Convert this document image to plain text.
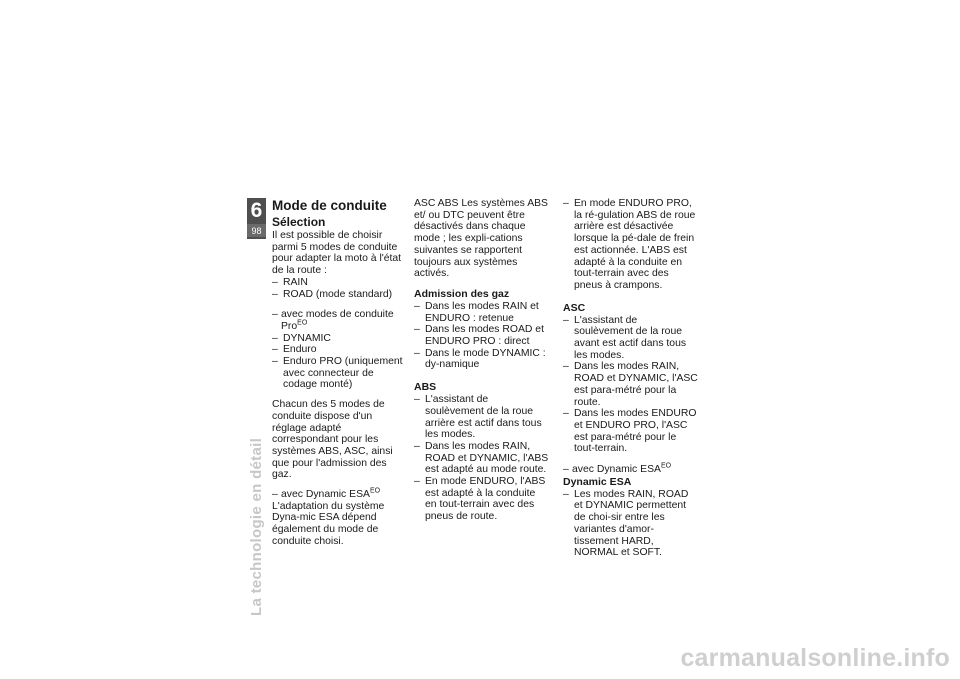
6
98
La technologie en détail
Mode de conduite
Sélection

Il est possible de choisir parmi 5 modes de conduite pour adapter la moto à l'état de la route :

– RAIN
– ROAD (mode standard)
– avec modes de conduite Pro$^{EO}$
– DYNAMIC
– Enduro
– Enduro PRO (uniquement avec connecteur de codage monté)

Chacun des 5 modes de conduite dispose d'un réglage adapté correspondant pour les systèmes ABS, ASC, ainsi que pour l'admission des gaz.

– avec Dynamic $ESA^{EO}$

L'adaptation du système Dyna-mic ESA dépend également du mode de conduite choisi.

ASC ABS Les systèmes ABS et/ ou DTC peuvent être désactivés dans chaque mode ; les expli-cations suivantes se rapportent toujours aux systèmes activés.

Admission des gaz
– Dans les modes RAIN et ENDURO : retenue
– Dans les modes ROAD et ENDURO PRO : direct
– Dans le mode DYNAMIC : dy-namique
ABS
– L'assistant de soulèvement de la roue arrière est actif dans tous les modes.
– Dans les modes RAIN, ROAD et DYNAMIC, l'ABS est adapté au mode route.
– En mode ENDURO, l'ABS est adapté à la conduite en tout-terrain avec des pneus de route.
– En mode ENDURO PRO, la ré-gulation ABS de roue arrière est désactivée lorsque la pé-dale de frein est actionnée. L'ABS est adapté à la conduite en tout-terrain avec des pneus à crampons.
ASC
– L'assistant de soulèvement de la roue avant est actif dans tous les modes.
– Dans les modes RAIN, ROAD et DYNAMIC, l'ASC est para-métré pour la route.
– Dans les modes ENDURO et ENDURO PRO, l'ASC est para-métré pour le tout-terrain.
– avec Dynamic $ESA^{EO}$
Dynamic ESA
– Les modes RAIN, ROAD et DYNAMIC permettent de choi-sir entre les variantes d'amor-tissement HARD, NORMAL et SOFT.
carmanualsonline.info
